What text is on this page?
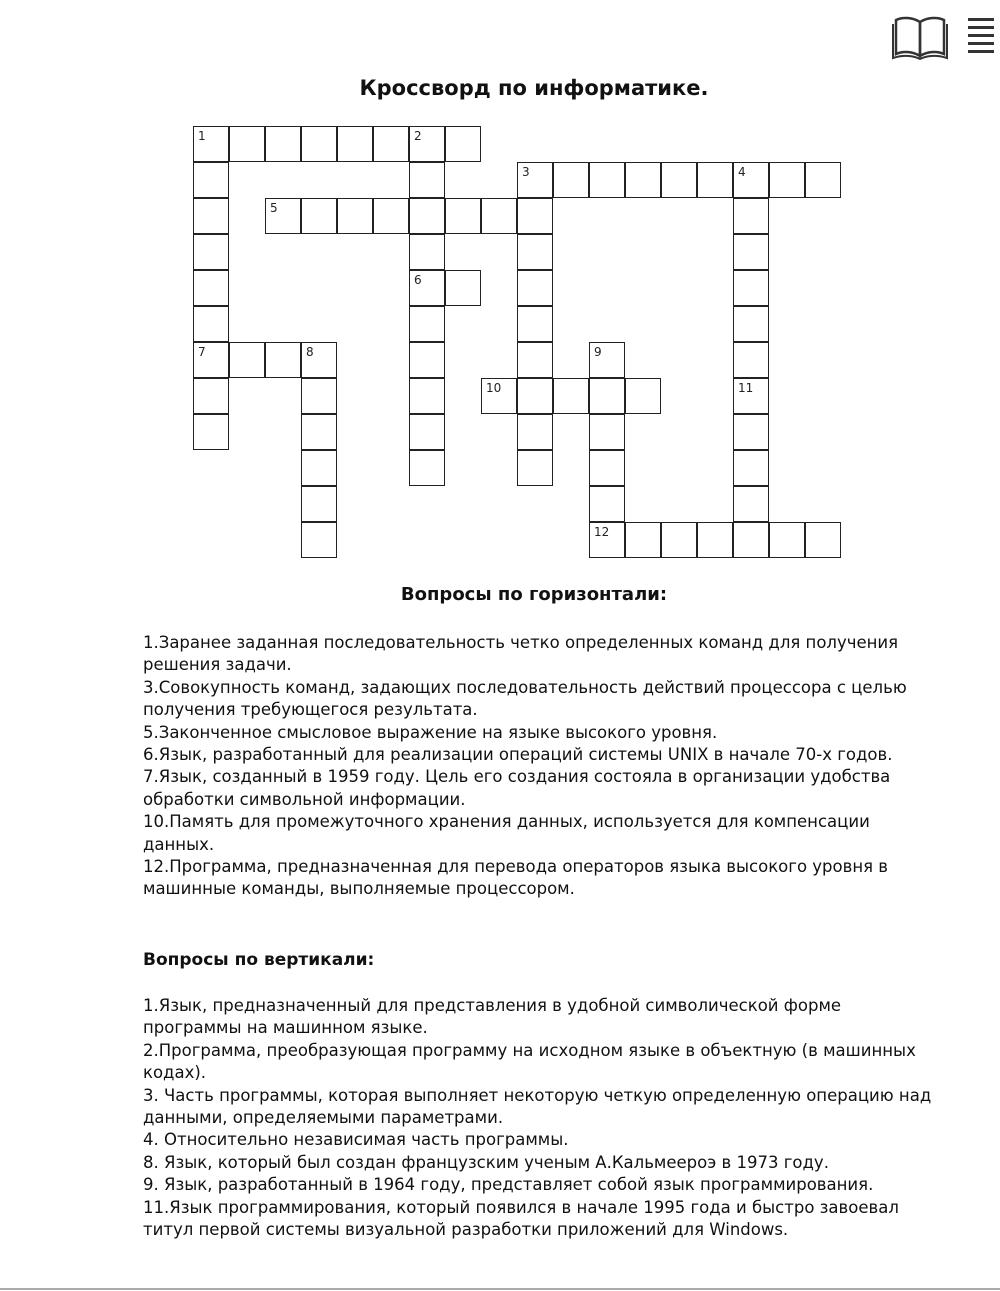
Кроссворд по информатике.
1	2
7
6
3	4
5
8	9
12
10	11
Вопросы по горизонтали:

1.Заранее заданная последовательность четко определенных команд для получения решения задачи.

3.Совокупность команд, задающих последовательность действий процессора с целью получения требующегося результата.

5.Законченное смысловое выражение на языке высокого уровня.

6.Язык, разработанный для реализации операций системы UNIX в начале 70-х годов.

7.Язык, созданный в 1959 году. Цель его создания состояла в организации удобства обработки символьной информации.

10.Память для промежуточного хранения данных, используется для компенсации данных.

12.Программа, предназначенная для перевода операторов языка высокого уровня в машинные команды, выполняемые процессором.

Вопросы по вертикали:

1.Язык, предназначенный для представления в удобной символической форме программы на машинном языке.

2.Программа, преобразующая программу на исходном языке в объектную (в машинных кодах).

3. Часть программы, которая выполняет некоторую четкую определенную операцию над данными, определяемыми параметрами.

4. Относительно независимая часть программы.

8. Язык, который был создан французским ученым А.Кальмеероэ в 1973 году.

9. Язык, разработанный в 1964 году, представляет собой язык программирования.

11.Язык программирования, который появился в начале 1995 года и быстро завоевал титул первой системы визуальной разработки приложений для Windows.
